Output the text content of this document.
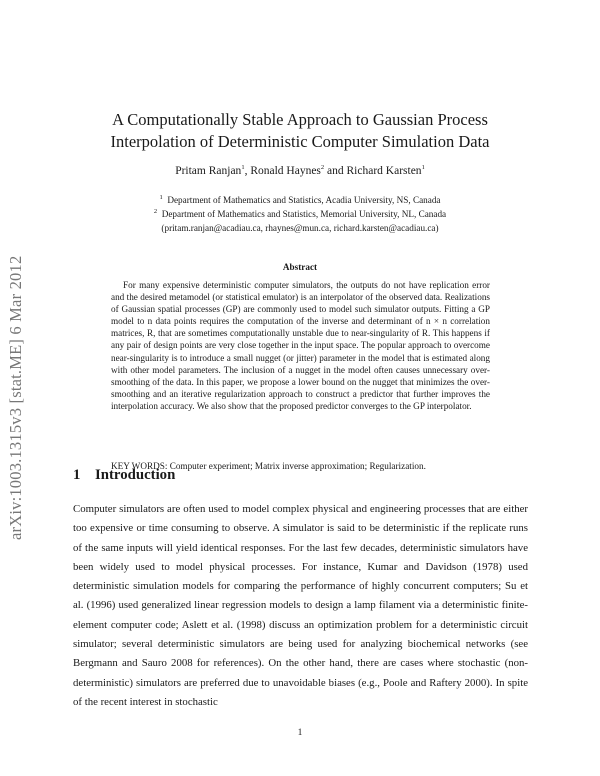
arXiv:1003.1315v3 [stat.ME] 6 Mar 2012
A Computationally Stable Approach to Gaussian Process
Interpolation of Deterministic Computer Simulation Data

Pritam Ranjan$^1$, Ronald Haynes$^2$ and Richard Karsten$^1$

$^1$ Department of Mathematics and Statistics, Acadia University, NS, Canada

$^2$ Department of Mathematics and Statistics, Memorial University, NL, Canada

(pritam.ranjan@acadiau.ca, rhaynes@mun.ca, richard.karsten@acadiau.ca)

Abstract

For many expensive deterministic computer simulators, the outputs do not have replication error and the desired metamodel (or statistical emulator) is an interpolator of the observed data. Realizations of Gaussian spatial processes (GP) are commonly used to model such simulator outputs. Fitting a GP model to n data points requires the computation of the inverse and determinant of n × n correlation matrices, R, that are sometimes computationally unstable due to near-singularity of R. This happens if any pair of design points are very close together in the input space. The popular approach to overcome near-singularity is to introduce a small nugget (or jitter) parameter in the model that is estimated along with other model parameters. The inclusion of a nugget in the model often causes unnecessary over-smoothing of the data. In this paper, we propose a lower bound on the nugget that minimizes the over-smoothing and an iterative regularization approach to construct a predictor that further improves the interpolation accuracy. We also show that the proposed predictor converges to the GP interpolator.

KEY WORDS: Computer experiment; Matrix inverse approximation; Regularization.

1 Introduction

Computer simulators are often used to model complex physical and engineering processes that are either too expensive or time consuming to observe. A simulator is said to be deterministic if the replicate runs of the same inputs will yield identical responses. For the last few decades, deterministic simulators have been widely used to model physical processes. For instance, Kumar and Davidson (1978) used deterministic simulation models for comparing the performance of highly concurrent computers; Su et al. (1996) used generalized linear regression models to design a lamp filament via a deterministic finite-element computer code; Aslett et al. (1998) discuss an optimization problem for a deterministic circuit simulator; several deterministic simulators are being used for analyzing biochemical networks (see Bergmann and Sauro 2008 for references). On the other hand, there are cases where stochastic (non-deterministic) simulators are preferred due to unavoidable biases (e.g., Poole and Raftery 2000). In spite of the recent interest in stochastic

1
